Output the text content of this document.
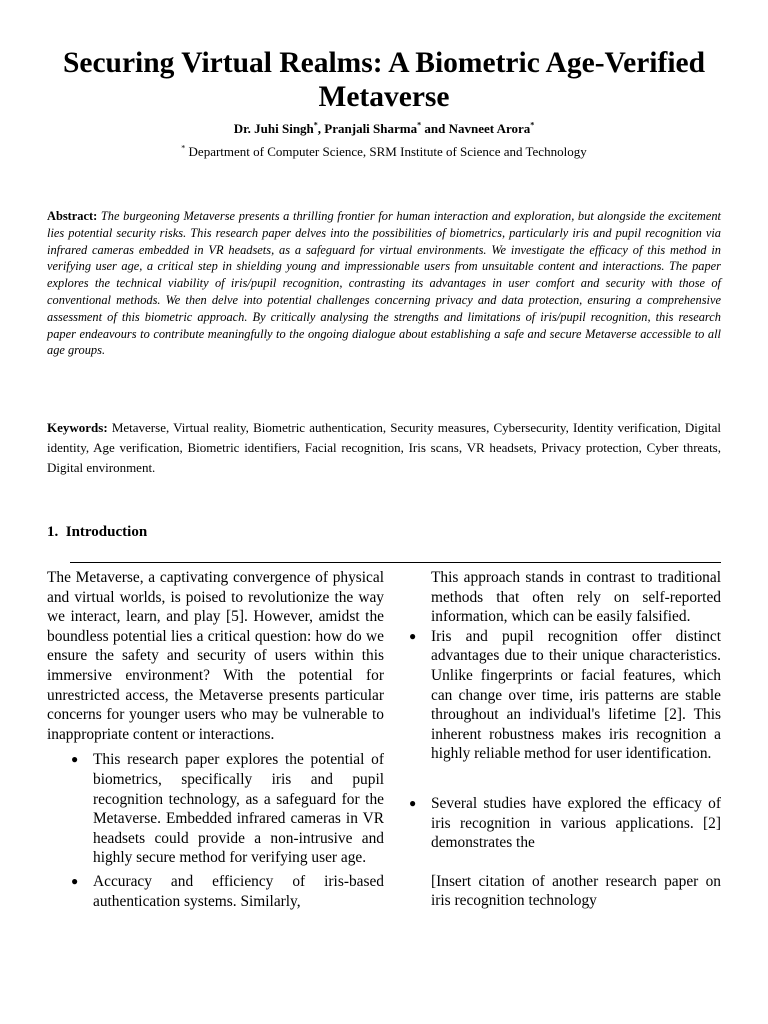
Securing Virtual Realms: A Biometric Age-Verified Metaverse
Dr. Juhi Singh*, Pranjali Sharma* and Navneet Arora*
* Department of Computer Science, SRM Institute of Science and Technology
Abstract: The burgeoning Metaverse presents a thrilling frontier for human interaction and exploration, but alongside the excitement lies potential security risks. This research paper delves into the possibilities of biometrics, particularly iris and pupil recognition via infrared cameras embedded in VR headsets, as a safeguard for virtual environments. We investigate the efficacy of this method in verifying user age, a critical step in shielding young and impressionable users from unsuitable content and interactions. The paper explores the technical viability of iris/pupil recognition, contrasting its advantages in user comfort and security with those of conventional methods. We then delve into potential challenges concerning privacy and data protection, ensuring a comprehensive assessment of this biometric approach. By critically analysing the strengths and limitations of iris/pupil recognition, this research paper endeavours to contribute meaningfully to the ongoing dialogue about establishing a safe and secure Metaverse accessible to all age groups.
Keywords: Metaverse, Virtual reality, Biometric authentication, Security measures, Cybersecurity, Identity verification, Digital identity, Age verification, Biometric identifiers, Facial recognition, Iris scans, VR headsets, Privacy protection, Cyber threats, Digital environment.
1. Introduction

The Metaverse, a captivating convergence of physical and virtual worlds, is poised to revolutionize the way we interact, learn, and play [5]. However, amidst the boundless potential lies a critical question: how do we ensure the safety and security of users within this immersive environment? With the potential for unrestricted access, the Metaverse presents particular concerns for younger users who may be vulnerable to inappropriate content or interactions.

● This research paper explores the potential of biometrics, specifically iris and pupil recognition technology, as a safeguard for the Metaverse. Embedded infrared cameras in VR headsets could provide a non-intrusive and highly secure method for verifying user age.
● Accuracy and efficiency of iris-based authentication systems. Similarly,

This approach stands in contrast to traditional methods that often rely on self-reported information, which can be easily falsified.

● Iris and pupil recognition offer distinct advantages due to their unique characteristics. Unlike fingerprints or facial features, which can change over time, iris patterns are stable throughout an individual's lifetime [2]. This inherent robustness makes iris recognition a highly reliable method for user identification.
● Several studies have explored the efficacy of iris recognition in various applications. [2] demonstrates the

[Insert citation of another research paper on iris recognition technology
